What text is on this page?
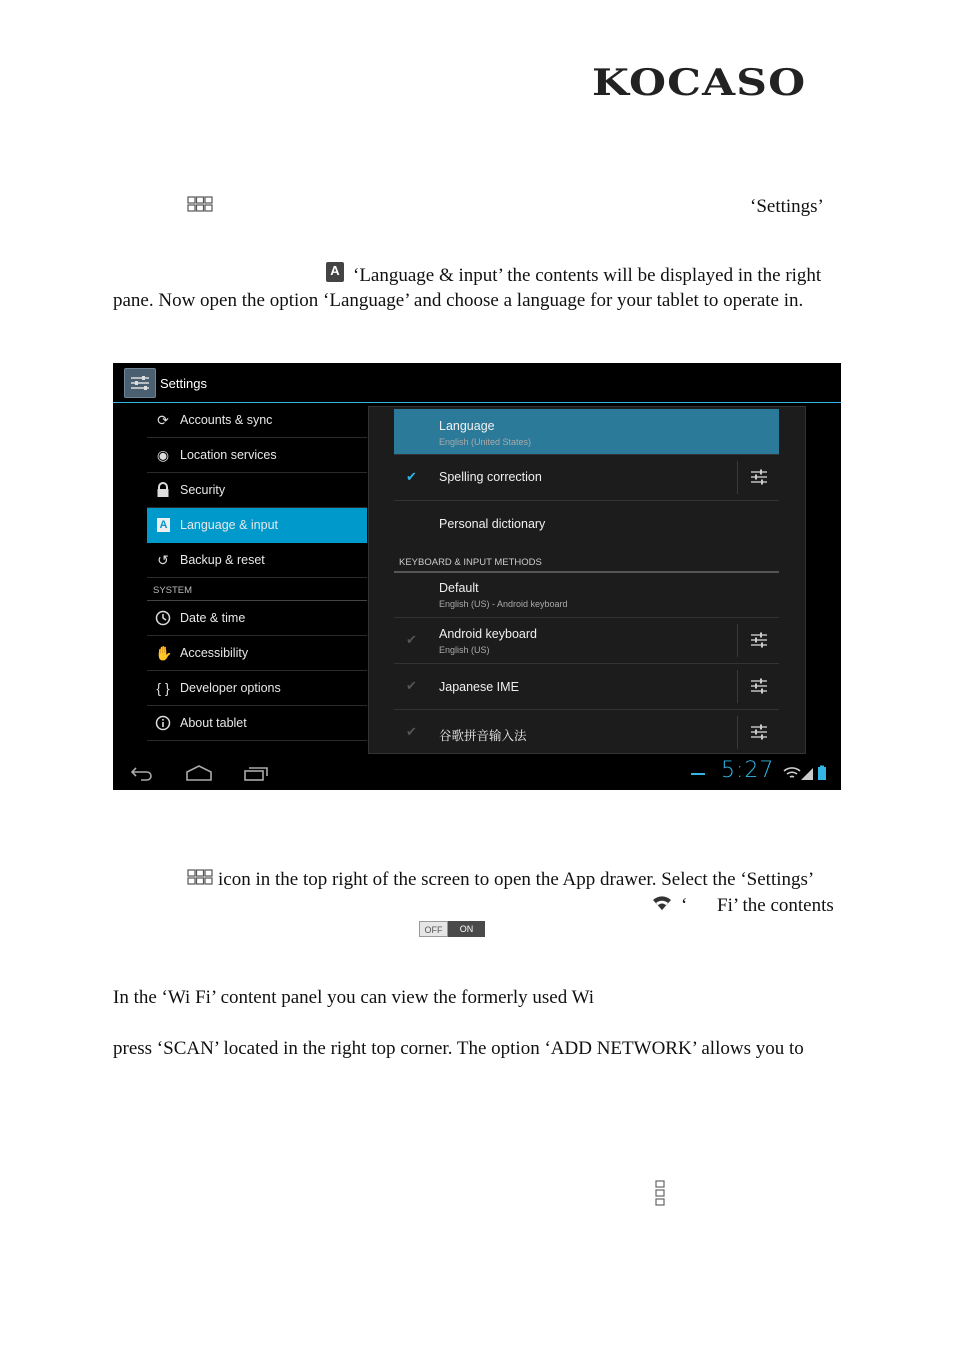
KOCASO
‘Settings’
A ‘Language & input’ the contents will be displayed in the right
pane. Now open the option ‘Language’ and choose a language for your tablet to operate in.
Settings
⟳ Accounts & sync
◉ Location services
Security
A Language & input
↺ Backup & reset
SYSTEM
Date & time
✋ Accessibility
{ } Developer options
About tablet
Language
English (United States)
✔ Spelling correction
Personal dictionary
KEYBOARD & INPUT METHODS
Default
English (US) - Android keyboard
✔ Android keyboard
English (US)
✔ Japanese IME
✔ 谷歌拼音输入法
5:27
icon in the top right of the screen to open the App drawer. Select the ‘Settings’
‘ Fi’ the contents
OFF	ON
In the ‘Wi Fi’ content panel you can view the formerly used Wi
press ‘SCAN’ located in the right top corner. The option ‘ADD NETWORK’ allows you to
